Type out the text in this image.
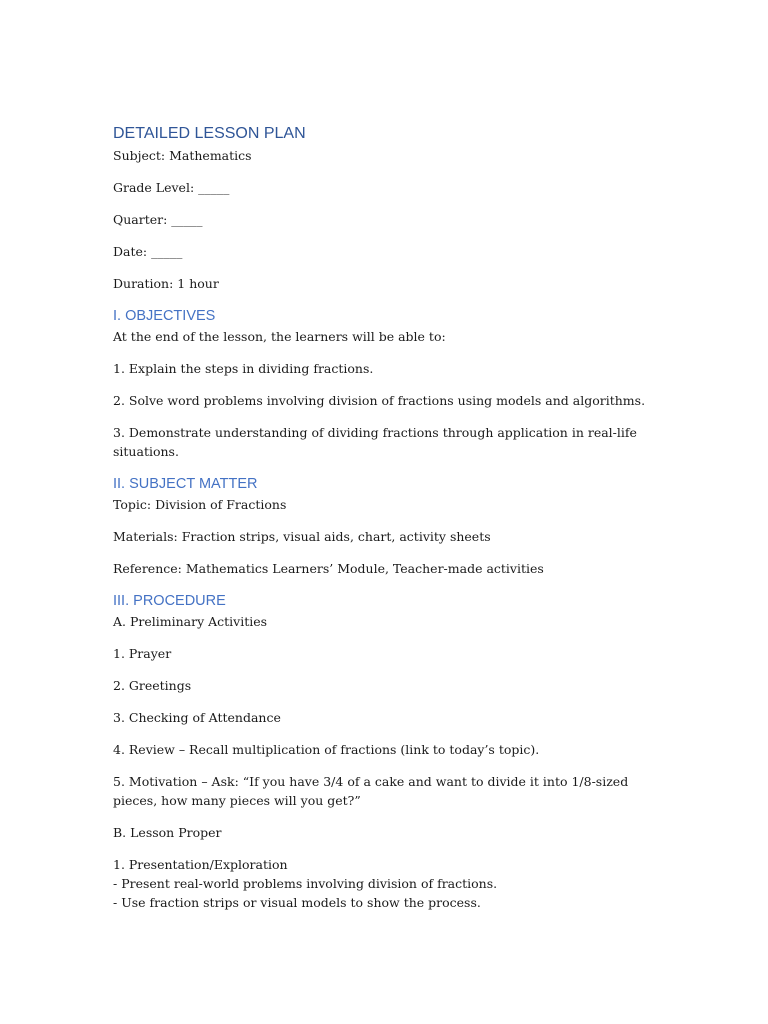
DETAILED LESSON PLAN

Subject: Mathematics

Grade Level: _____

Quarter: _____

Date: _____

Duration: 1 hour

I. OBJECTIVES

At the end of the lesson, the learners will be able to:

1. Explain the steps in dividing fractions.

2. Solve word problems involving division of fractions using models and algorithms.

3. Demonstrate understanding of dividing fractions through application in real-life situations.

II. SUBJECT MATTER

Topic: Division of Fractions

Materials: Fraction strips, visual aids, chart, activity sheets

Reference: Mathematics Learners’ Module, Teacher-made activities

III. PROCEDURE

A. Preliminary Activities

1. Prayer

2. Greetings

3. Checking of Attendance

4. Review – Recall multiplication of fractions (link to today’s topic).

5. Motivation – Ask: “If you have 3/4 of a cake and want to divide it into 1/8-sized pieces, how many pieces will you get?”

B. Lesson Proper

1. Presentation/Exploration
- Present real-world problems involving division of fractions.
- Use fraction strips or visual models to show the process.
